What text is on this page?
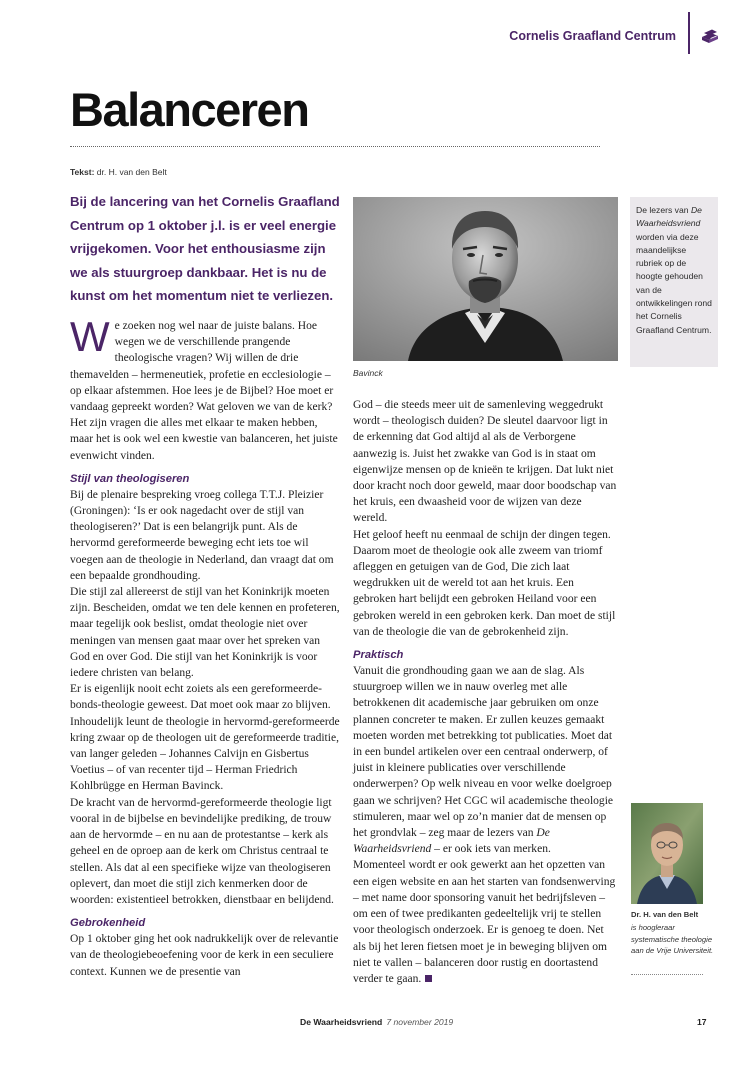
Cornelis Graafland Centrum
Balanceren
Tekst: dr. H. van den Belt

Bij de lancering van het Cornelis Graafland Centrum op 1 oktober j.l. is er veel energie vrijgekomen. Voor het enthousiasme zijn we als stuurgroep dankbaar. Het is nu de kunst om het momentum niet te verliezen.

We zoeken nog wel naar de juiste balans. Hoe wegen we de verschillende prangende theologische vragen? Wij willen de drie themavelden – hermeneutiek, profetie en ecclesiologie – op elkaar afstemmen. Hoe lees je de Bijbel? Hoe moet er vandaag gepreekt worden? Wat geloven we van de kerk? Het zijn vragen die alles met elkaar te maken hebben, maar het is ook wel een kwestie van balanceren, het juiste evenwicht vinden.

Stijl van theologiseren

Bij de plenaire bespreking vroeg collega T.T.J. Pleizier (Groningen): ‘Is er ook nagedacht over de stijl van theologiseren?’ Dat is een belangrijk punt. Als de hervormd gereformeerde beweging echt iets toe wil voegen aan de theologie in Nederland, dan vraagt dat om een bepaalde grondhouding.

Die stijl zal allereerst de stijl van het Koninkrijk moeten zijn. Bescheiden, omdat we ten dele kennen en profeteren, maar tegelijk ook beslist, omdat theologie niet over meningen van mensen gaat maar over het spreken van God en over God. Die stijl van het Koninkrijk is voor iedere christen van belang.

Er is eigenlijk nooit echt zoiets als een gereformeerde-bonds-theologie geweest. Dat moet ook maar zo blijven. Inhoudelijk leunt de theologie in hervormd-gereformeerde kring zwaar op de theologen uit de gereformeerde traditie, van langer geleden – Johannes Calvijn en Gisbertus Voetius – of van recenter tijd – Herman Friedrich Kohlbrügge en Herman Bavinck.

De kracht van de hervormd-gereformeerde theologie ligt vooral in de bijbelse en bevindelijke prediking, de trouw aan de hervormde – en nu aan de protestantse – kerk als geheel en de oproep aan de kerk om Christus centraal te stellen. Als dat al een specifieke wijze van theologiseren oplevert, dan moet die stijl zich kenmerken door de woorden: existentieel betrokken, dienstbaar en belijdend.

Gebrokenheid

Op 1 oktober ging het ook nadrukkelijk over de relevantie van de theologiebeoefening voor de kerk in een seculiere context. Kunnen we de presentie van

Bavinck
De lezers van De Waarheidsvriend worden via deze maandelijkse rubriek op de hoogte gehouden van de ontwikkelingen rond het Cornelis Graafland Centrum.

God – die steeds meer uit de samenleving weggedrukt wordt – theologisch duiden? De sleutel daarvoor ligt in de erkenning dat God altijd al als de Verborgene aanwezig is. Juist het zwakke van God is in staat om eigenwijze mensen op de knieën te krijgen. Dat lukt niet door kracht noch door geweld, maar door boodschap van het kruis, een dwaasheid voor de wijzen van deze wereld.

Het geloof heeft nu eenmaal de schijn der dingen tegen. Daarom moet de theologie ook alle zweem van triomf afleggen en getuigen van de God, Die zich laat wegdrukken uit de wereld tot aan het kruis. Een gebroken hart belijdt een gebroken Heiland voor een gebroken wereld in een gebroken kerk. Dan moet de stijl van de theologie die van de gebrokenheid zijn.

Praktisch

Vanuit die grondhouding gaan we aan de slag. Als stuurgroep willen we in nauw overleg met alle betrokkenen dit academische jaar gebruiken om onze plannen concreter te maken. Er zullen keuzes gemaakt moeten worden met betrekking tot publicaties. Moet dat in een bundel artikelen over een centraal onderwerp, of juist in kleinere publicaties over verschillende onderwerpen? Op welk niveau en voor welke doelgroep gaan we schrijven? Het CGC wil academische theologie stimuleren, maar wel op zo’n manier dat de mensen op het grondvlak – zeg maar de lezers van De Waarheidsvriend – er ook iets van merken.

Momenteel wordt er ook gewerkt aan het opzetten van een eigen website en aan het starten van fondsenwerving – met name door sponsoring vanuit het bedrijfsleven – om een of twee predikanten gedeeltelijk vrij te stellen voor theologisch onderzoek. Er is genoeg te doen. Net als bij het leren fietsen moet je in beweging blijven om niet te vallen – balanceren door rustig en doortastend verder te gaan.

Dr. H. van den Belt
is hoogleraar systematische theologie aan de Vrije Universiteit.
De Waarheidsvriend 7 november 2019	17
